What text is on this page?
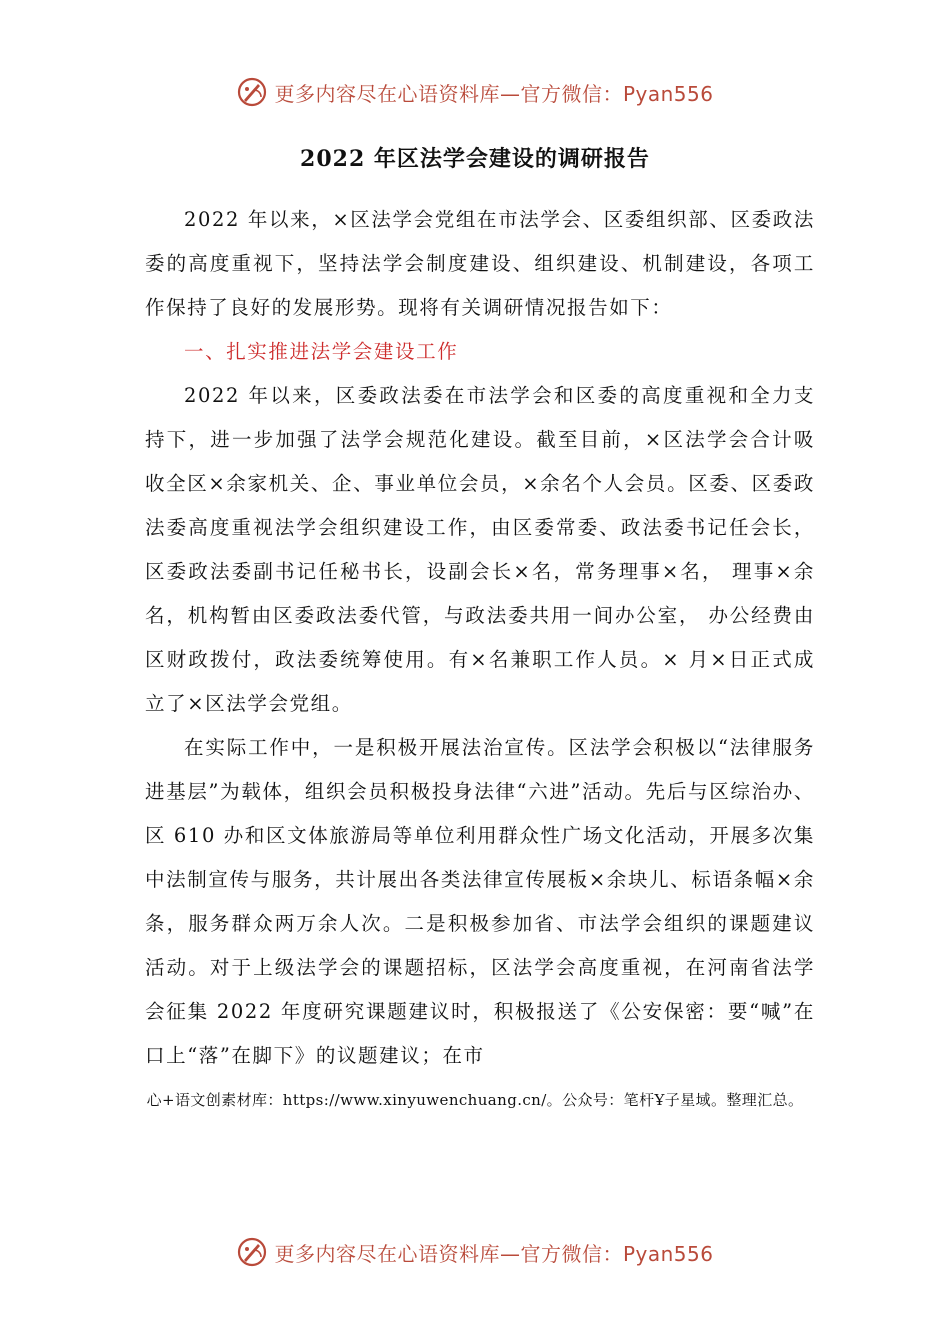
更多内容尽在心语资料库—官方微信：Pyan556
2022 年区法学会建设的调研报告

2022 年以来，×区法学会党组在市法学会、区委组织部、区委政法委的高度重视下，坚持法学会制度建设、组织建设、机制建设，各项工作保持了良好的发展形势。现将有关调研情况报告如下：

一、扎实推进法学会建设工作

2022 年以来，区委政法委在市法学会和区委的高度重视和全力支持下，进一步加强了法学会规范化建设。截至目前，×区法学会合计吸收全区×余家机关、企、事业单位会员，×余名个人会员。区委、区委政法委高度重视法学会组织建设工作，由区委常委、政法委书记任会长，区委政法委副书记任秘书长，设副会长×名，常务理事×名， 理事×余名，机构暂由区委政法委代管，与政法委共用一间办公室， 办公经费由区财政拨付，政法委统筹使用。有×名兼职工作人员。× 月×日正式成立了×区法学会党组。

在实际工作中，一是积极开展法治宣传。区法学会积极以“法律服务进基层”为载体，组织会员积极投身法律“六进”活动。先后与区综治办、区 610 办和区文体旅游局等单位利用群众性广场文化活动，开展多次集中法制宣传与服务，共计展出各类法律宣传展板×余块儿、标语条幅×余条，服务群众两万余人次。二是积极参加省、市法学会组织的课题建议活动。对于上级法学会的课题招标，区法学会高度重视，在河南省法学会征集 2022 年度研究课题建议时，积极报送了《公安保密：要“喊”在口上“落”在脚下》的议题建议；在市

心+语文创素材库：https://www.xinyuwenchuang.cn/。公众号：笔杆Ұ子星域。整理汇总。
更多内容尽在心语资料库—官方微信：Pyan556
